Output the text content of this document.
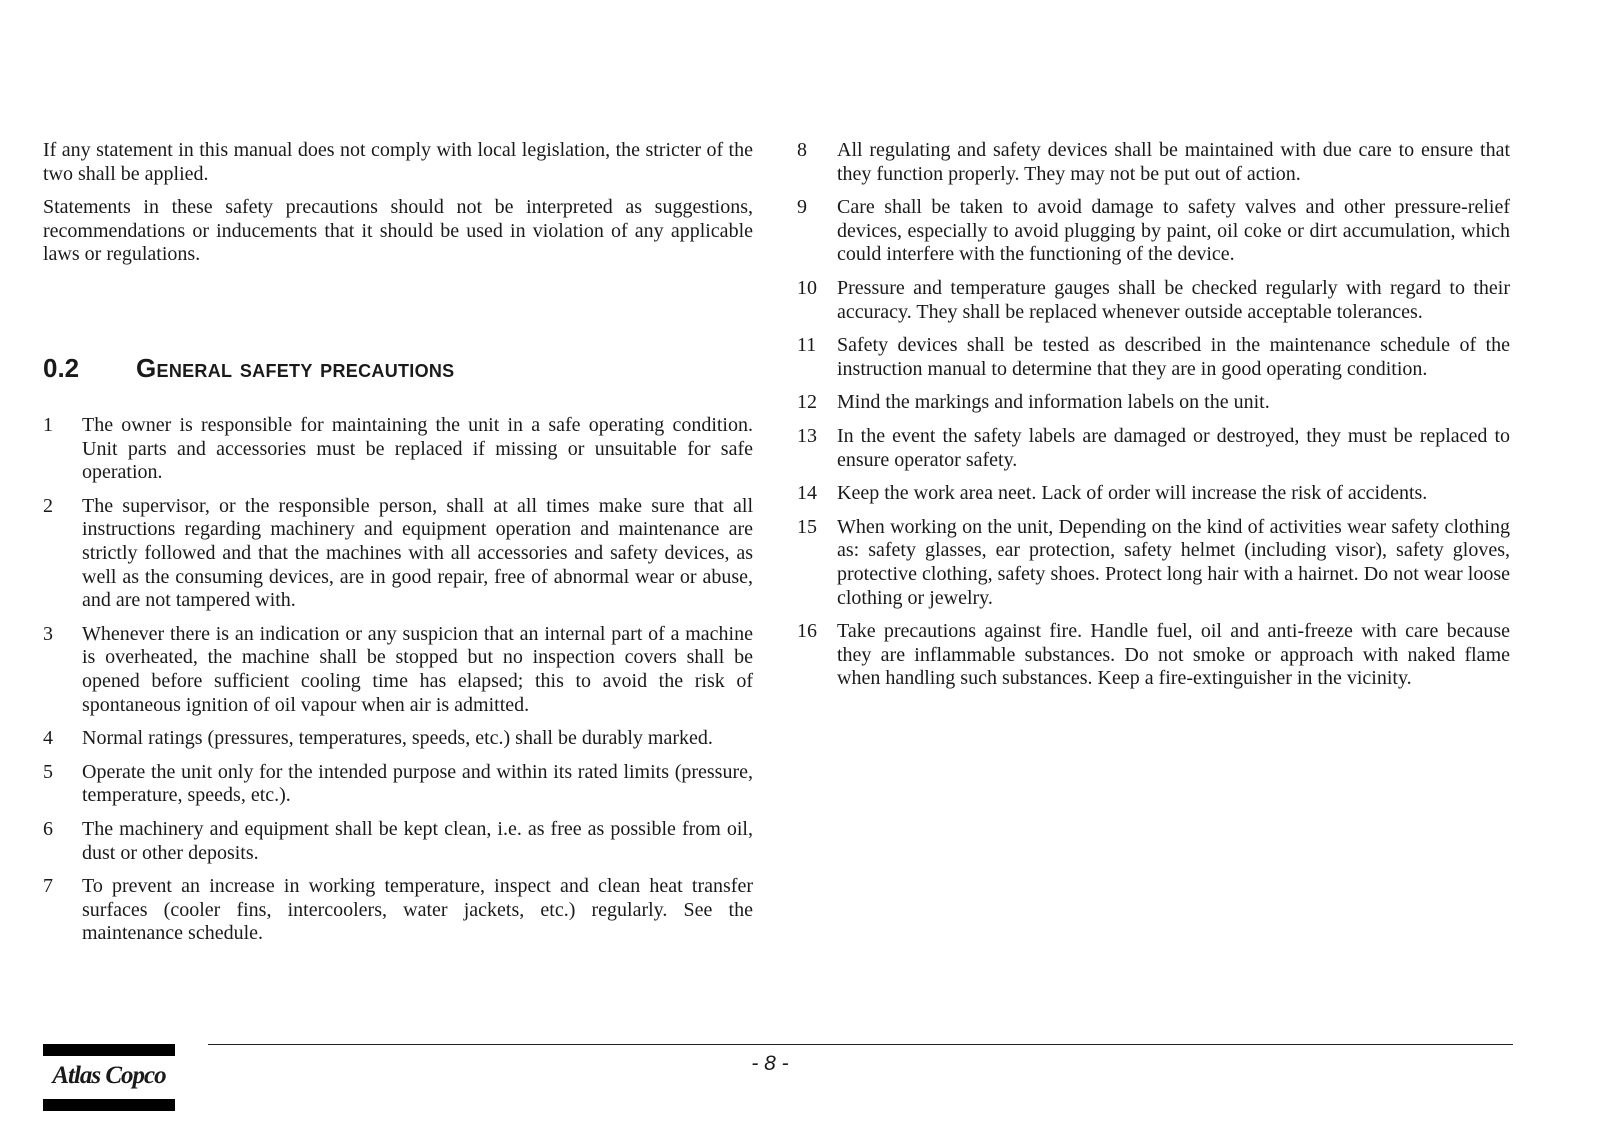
If any statement in this manual does not comply with local legislation, the stricter of the two shall be applied.

Statements in these safety precautions should not be interpreted as suggestions, recommendations or inducements that it should be used in violation of any applicable laws or regulations.

0.2	General safety precautions
1	The owner is responsible for maintaining the unit in a safe operating condition. Unit parts and accessories must be replaced if missing or unsuitable for safe operation.
2	The supervisor, or the responsible person, shall at all times make sure that all instructions regarding machinery and equipment operation and maintenance are strictly followed and that the machines with all accessories and safety devices, as well as the consuming devices, are in good repair, free of abnormal wear or abuse, and are not tampered with.
3	Whenever there is an indication or any suspicion that an internal part of a machine is overheated, the machine shall be stopped but no inspection covers shall be opened before sufficient cooling time has elapsed; this to avoid the risk of spontaneous ignition of oil vapour when air is admitted.
4	Normal ratings (pressures, temperatures, speeds, etc.) shall be durably marked.
5	Operate the unit only for the intended purpose and within its rated limits (pressure, temperature, speeds, etc.).
6	The machinery and equipment shall be kept clean, i.e. as free as possible from oil, dust or other deposits.
7	To prevent an increase in working temperature, inspect and clean heat transfer surfaces (cooler fins, intercoolers, water jackets, etc.) regularly. See the maintenance schedule.
8	All regulating and safety devices shall be maintained with due care to ensure that they function properly. They may not be put out of action.
9	Care shall be taken to avoid damage to safety valves and other pressure-relief devices, especially to avoid plugging by paint, oil coke or dirt accumulation, which could interfere with the functioning of the device.
10	Pressure and temperature gauges shall be checked regularly with regard to their accuracy. They shall be replaced whenever outside acceptable tolerances.
11	Safety devices shall be tested as described in the maintenance schedule of the instruction manual to determine that they are in good operating condition.
12	Mind the markings and information labels on the unit.
13	In the event the safety labels are damaged or destroyed, they must be replaced to ensure operator safety.
14	Keep the work area neet. Lack of order will increase the risk of accidents.
15	When working on the unit, Depending on the kind of activities wear safety clothing as: safety glasses, ear protection, safety helmet (including visor), safety gloves, protective clothing, safety shoes. Protect long hair with a hairnet. Do not wear loose clothing or jewelry.
16	Take precautions against fire. Handle fuel, oil and anti-freeze with care because they are inflammable substances. Do not smoke or approach with naked flame when handling such substances. Keep a fire-extinguisher in the vicinity.
Atlas Copco	- 8 -
